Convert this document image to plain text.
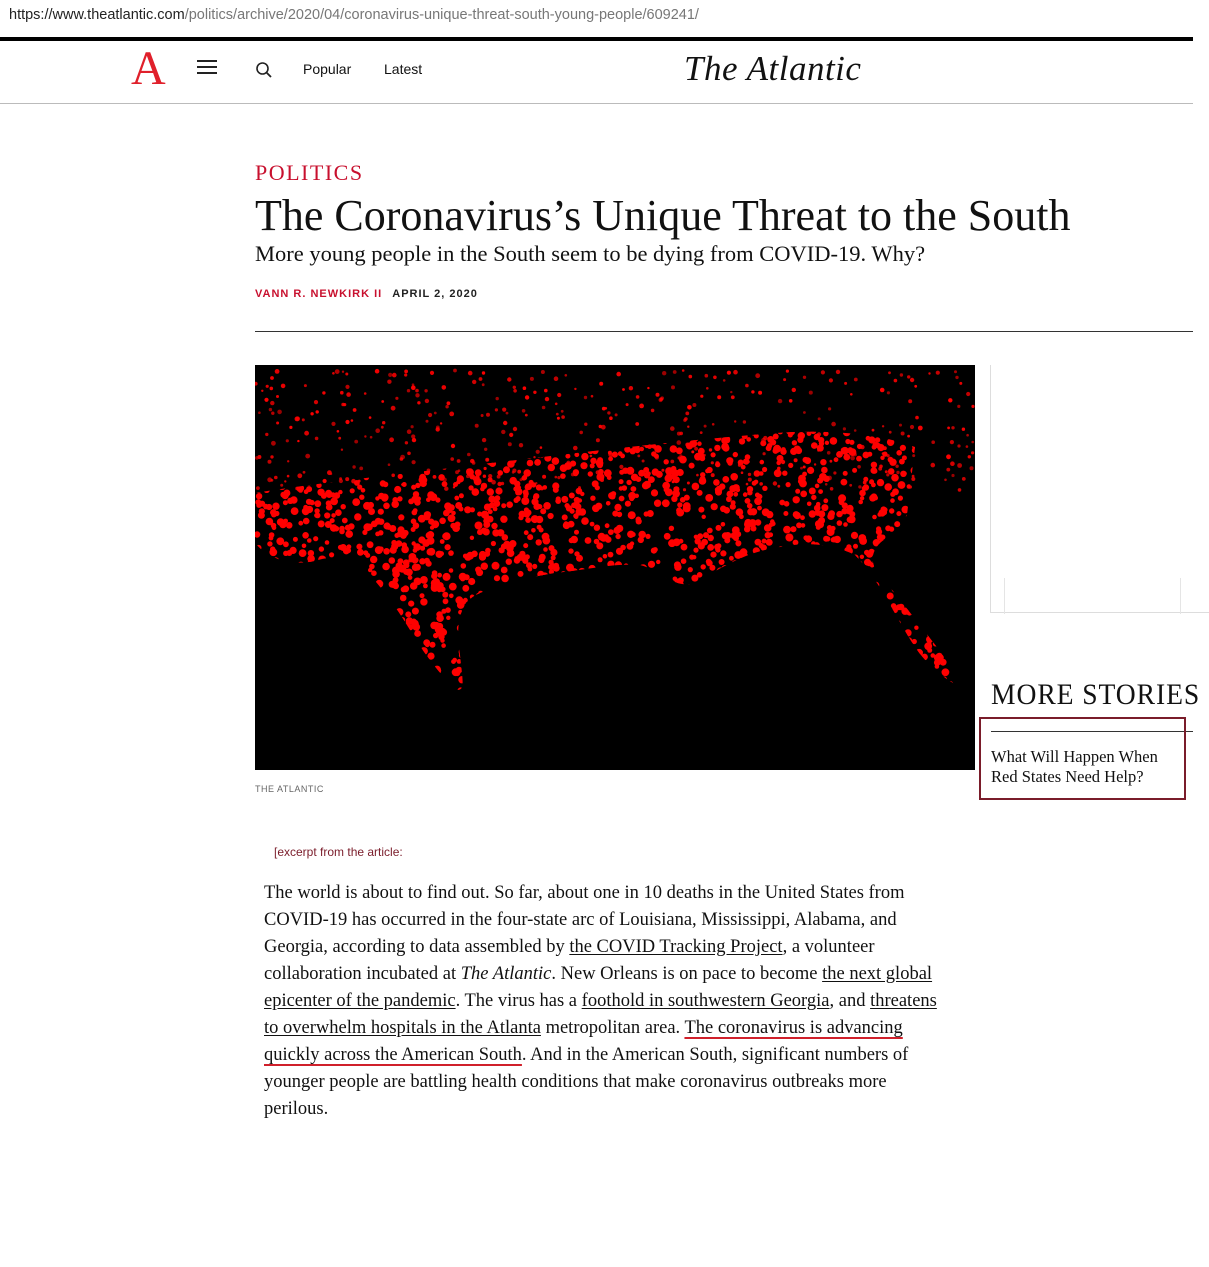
https://www.theatlantic.com/politics/archive/2020/04/coronavirus-unique-threat-south-young-people/609241/
A	Popular Latest	The Atlantic
POLITICS
The Coronavirus’s Unique Threat to the South
More young people in the South seem to be dying from COVID-19. Why?
VANN R. NEWKIRK II APRIL 2, 2020
THE ATLANTIC
MORE STORIES
What Will Happen When Red States Need Help?
[excerpt from the article:
The world is about to find out. So far, about one in 10 deaths in the United States from COVID-19 has occurred in the four-state arc of Louisiana, Mississippi, Alabama, and Georgia, according to data assembled by the COVID Tracking Project, a volunteer collaboration incubated at The Atlantic. New Orleans is on pace to become the next global epicenter of the pandemic. The virus has a foothold in southwestern Georgia, and threatens to overwhelm hospitals in the Atlanta metropolitan area. The coronavirus is advancing quickly across the American South. And in the American South, significant numbers of younger people are battling health conditions that make coronavirus outbreaks more perilous.
